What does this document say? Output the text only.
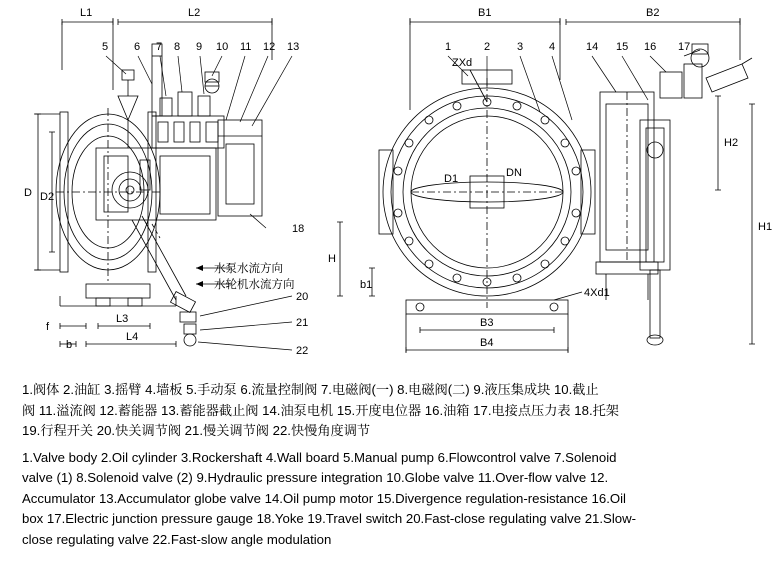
L1	L2
L3
L4
B1	B2
B3
B4
H
H1
H2
D
D1
D2
DN
b
b1
f
ZXd
4Xd1
5 6 7 8 9 10 11 12 13	1	2 3 4	14 15 16 17
18
20
21
22
水泵水流方向
水轮机水流方向
1.阀体 2.油缸 3.摇臂 4.墙板 5.手动泵 6.流量控制阀 7.电磁阀(一) 8.电磁阀(二) 9.液压集成块 10.截止
阀 11.溢流阀 12.蓄能器 13.蓄能器截止阀 14.油泵电机 15.开度电位器 16.油箱 17.电接点压力表 18.托架
19.行程开关 20.快关调节阀 21.慢关调节阀 22.快慢角度调节
1.Valve body 2.Oil cylinder 3.Rockershaft 4.Wall board 5.Manual pump 6.Flowcontrol valve 7.Solenoid
valve (1) 8.Solenoid valve (2) 9.Hydraulic pressure integration 10.Globe valve 11.Over-flow valve 12.
Accumulator 13.Accumulator globe valve 14.Oil pump motor 15.Divergence regulation-resistance 16.Oil
box 17.Electric junction pressure gauge 18.Yoke 19.Travel switch 20.Fast-close regulating valve 21.Slow-
close regulating valve 22.Fast-slow angle modulation
